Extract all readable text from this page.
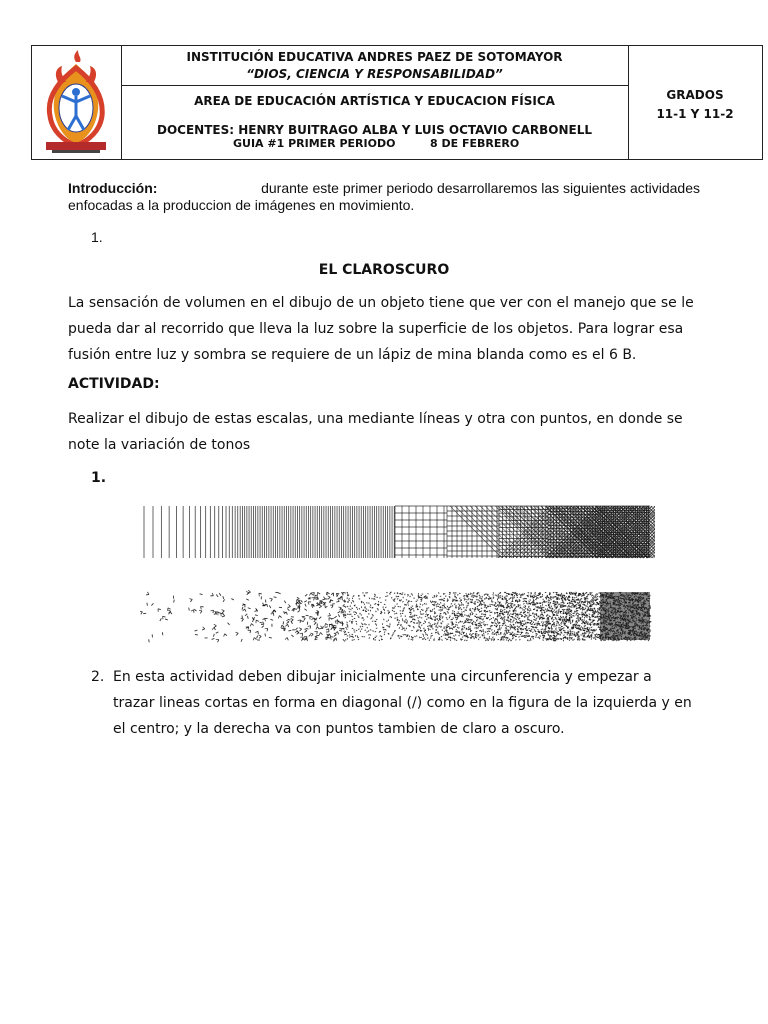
INSTITUCIÓN EDUCATIVA ANDRES PAEZ DE SOTOMAYOR
“DIOS, CIENCIA Y RESPONSABILIDAD”
AREA DE EDUCACIÓN ARTÍSTICA Y EDUCACION FÍSICA
DOCENTES: HENRY BUITRAGO ALBA Y LUIS OCTAVIO CARBONELL
GUIA #1 PRIMER PERIODO	8 DE FEBRERO
GRADOS
11-1 Y 11-2
Introducción:	durante este primer periodo desarrollaremos las siguientes actividades
enfocadas a la produccion de imágenes en movimiento.
1.
EL CLAROSCURO
La sensación de volumen en el dibujo de un objeto tiene que ver con el manejo que se le
pueda dar al recorrido que lleva la luz sobre la superficie de los objetos. Para lograr esa
fusión entre luz y sombra se requiere de un lápiz de mina blanda como es el 6 B.
ACTIVIDAD:
Realizar el dibujo de estas escalas, una mediante líneas y otra con puntos, en donde se
note la variación de tonos
1.
2. En esta actividad deben dibujar inicialmente una circunferencia y empezar a
trazar lineas cortas en forma en diagonal (/) como en la figura de la izquierda y en
el centro; y la derecha va con puntos tambien de claro a oscuro.
